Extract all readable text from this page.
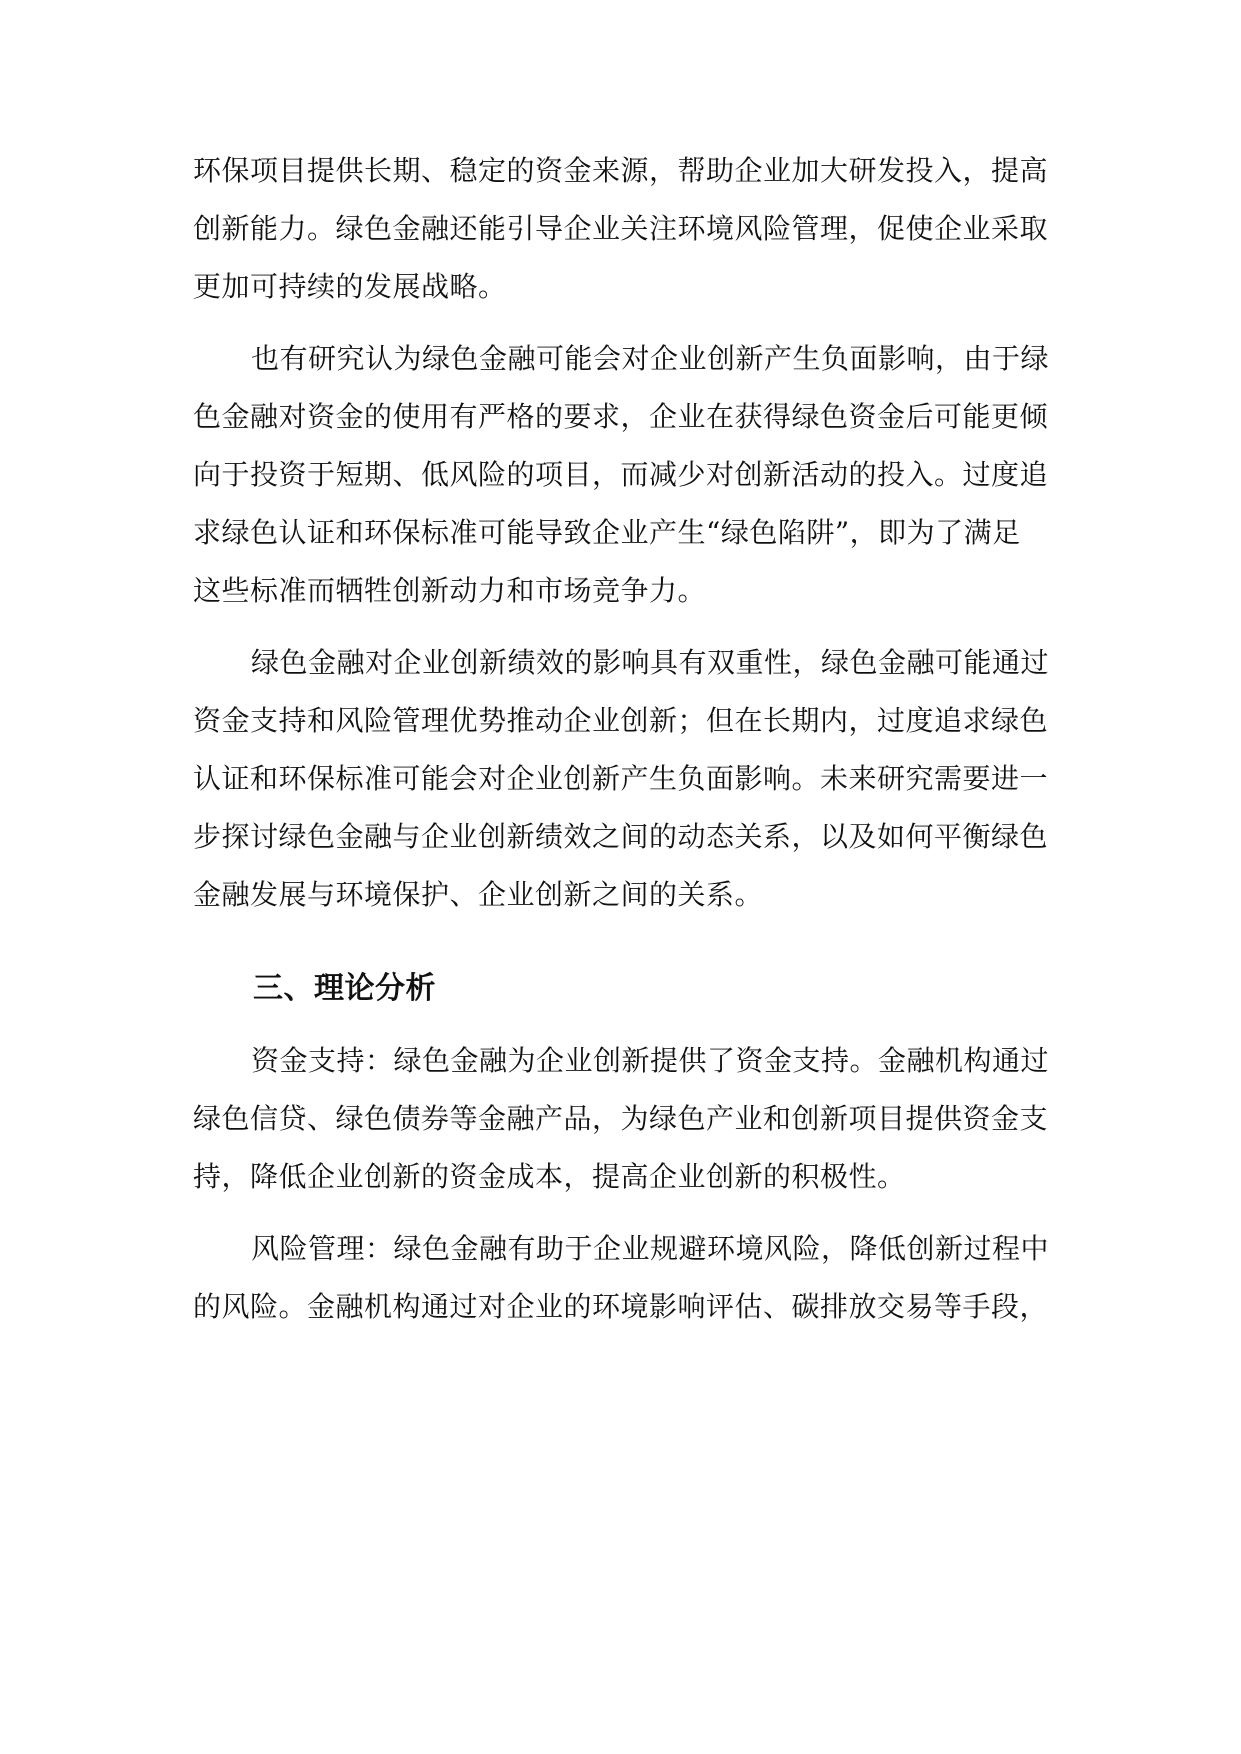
环保项目提供长期、稳定的资金来源，帮助企业加大研发投入，提高
创新能力。绿色金融还能引导企业关注环境风险管理，促使企业采取
更加可持续的发展战略。
也有研究认为绿色金融可能会对企业创新产生负面影响，由于绿
色金融对资金的使用有严格的要求，企业在获得绿色资金后可能更倾
向于投资于短期、低风险的项目，而减少对创新活动的投入。过度追
求绿色认证和环保标准可能导致企业产生“绿色陷阱”，即为了满足
这些标准而牺牲创新动力和市场竞争力。
绿色金融对企业创新绩效的影响具有双重性，绿色金融可能通过
资金支持和风险管理优势推动企业创新；但在长期内，过度追求绿色
认证和环保标准可能会对企业创新产生负面影响。未来研究需要进一
步探讨绿色金融与企业创新绩效之间的动态关系，以及如何平衡绿色
金融发展与环境保护、企业创新之间的关系。
三、理论分析
资金支持：绿色金融为企业创新提供了资金支持。金融机构通过
绿色信贷、绿色债券等金融产品，为绿色产业和创新项目提供资金支
持，降低企业创新的资金成本，提高企业创新的积极性。
风险管理：绿色金融有助于企业规避环境风险，降低创新过程中
的风险。金融机构通过对企业的环境影响评估、碳排放交易等手段，
